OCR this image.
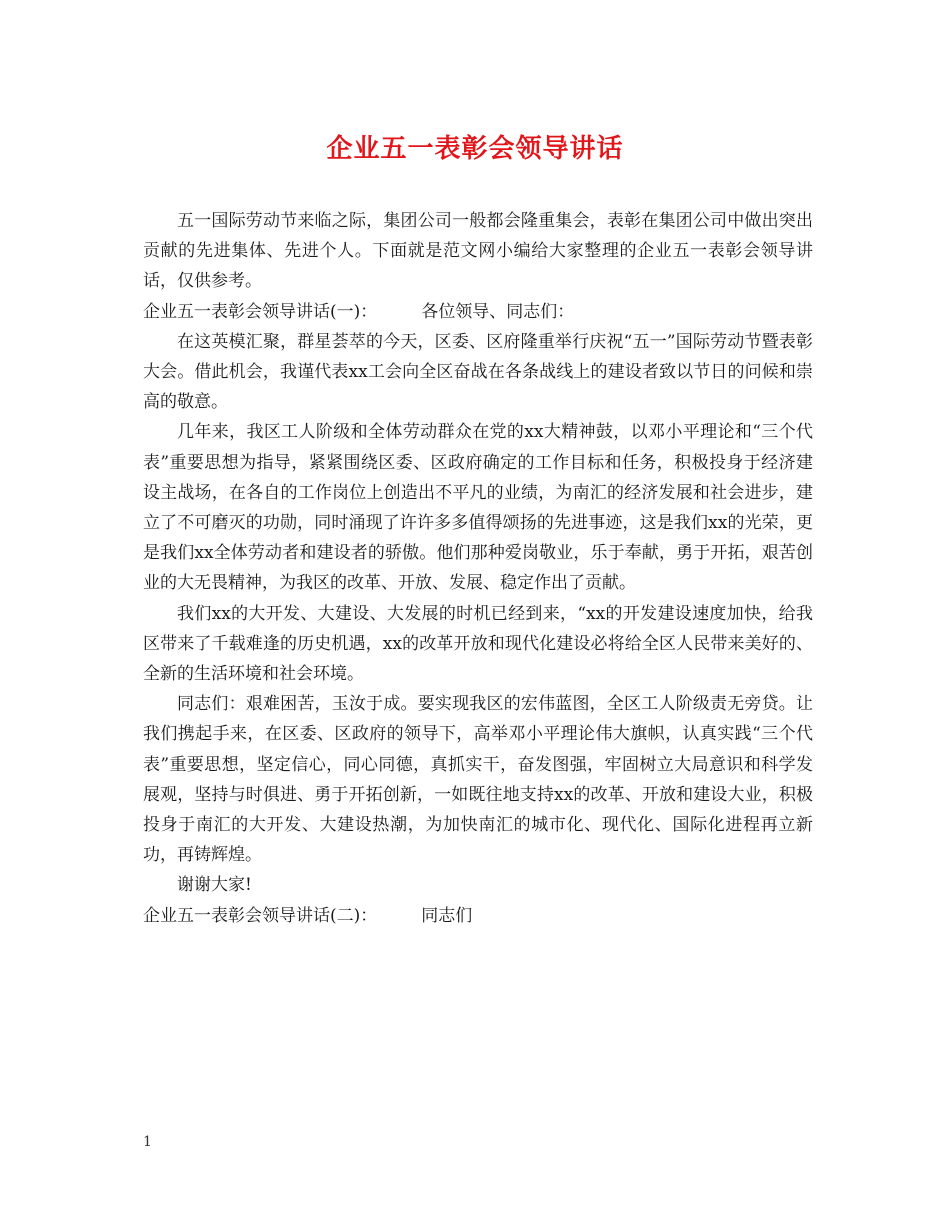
企业五一表彰会领导讲话

五一国际劳动节来临之际，集团公司一般都会隆重集会，表彰在集团公司中做出突出贡献的先进集体、先进个人。下面就是范文网小编给大家整理的企业五一表彰会领导讲话，仅供参考。

企业五一表彰会领导讲话(一)：	各位领导、同志们：

在这英模汇聚，群星荟萃的今天，区委、区府隆重举行庆祝“五一”国际劳动节暨表彰大会。借此机会，我谨代表xx工会向全区奋战在各条战线上的建设者致以节日的问候和崇高的敬意。

几年来，我区工人阶级和全体劳动群众在党的xx大精神鼓，以邓小平理论和“三个代表”重要思想为指导，紧紧围绕区委、区政府确定的工作目标和任务，积极投身于经济建设主战场，在各自的工作岗位上创造出不平凡的业绩，为南汇的经济发展和社会进步，建立了不可磨灭的功勋，同时涌现了许许多多值得颂扬的先进事迹，这是我们xx的光荣，更是我们xx全体劳动者和建设者的骄傲。他们那种爱岗敬业，乐于奉献，勇于开拓，艰苦创业的大无畏精神，为我区的改革、开放、发展、稳定作出了贡献。

我们xx的大开发、大建设、大发展的时机已经到来，“xx的开发建设速度加快，给我区带来了千载难逢的历史机遇，xx的改革开放和现代化建设必将给全区人民带来美好的、全新的生活环境和社会环境。

同志们：艰难困苦，玉汝于成。要实现我区的宏伟蓝图，全区工人阶级责无旁贷。让我们携起手来，在区委、区政府的领导下，高举邓小平理论伟大旗帜，认真实践“三个代表”重要思想，坚定信心，同心同德，真抓实干，奋发图强，牢固树立大局意识和科学发展观，坚持与时俱进、勇于开拓创新，一如既往地支持xx的改革、开放和建设大业，积极投身于南汇的大开发、大建设热潮，为加快南汇的城市化、现代化、国际化进程再立新功，再铸辉煌。

谢谢大家!

企业五一表彰会领导讲话(二)：	同志们

1
